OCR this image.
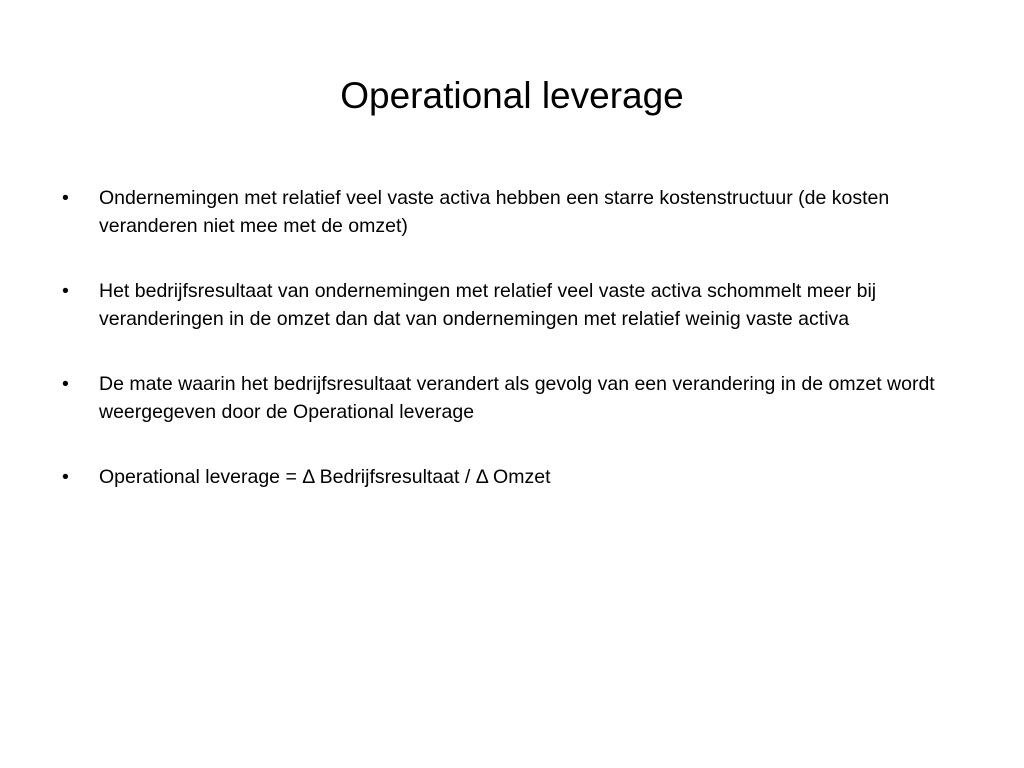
Operational leverage
•	Ondernemingen met relatief veel vaste activa hebben een starre kostenstructuur (de kosten veranderen niet mee met de omzet)
•	Het bedrijfsresultaat van ondernemingen met relatief veel vaste activa schommelt meer bij veranderingen in de omzet dan dat van ondernemingen met relatief weinig vaste activa
•	De mate waarin het bedrijfsresultaat verandert als gevolg van een verandering in de omzet wordt weergegeven door de Operational leverage
•	Operational leverage = Δ Bedrijfsresultaat / Δ Omzet
